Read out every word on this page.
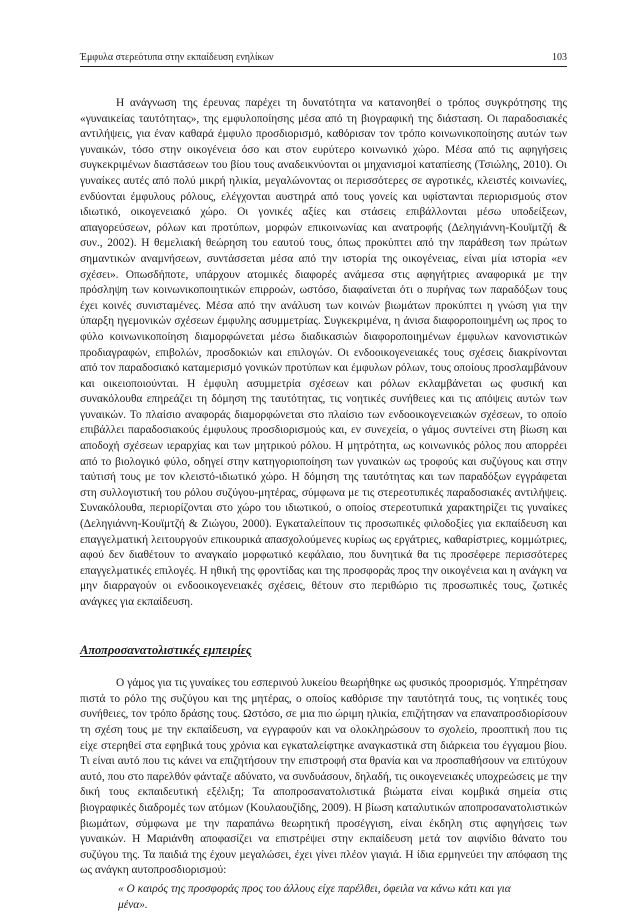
Έμφυλα στερεότυπα στην εκπαίδευση ενηλίκων	103

Η ανάγνωση της έρευνας παρέχει τη δυνατότητα να κατανοηθεί ο τρόπος συγκρότησης της «γυναικείας ταυτότητας», της εμφυλοποίησης μέσα από τη βιογραφική της διάσταση. Οι παραδοσιακές αντιλήψεις, για έναν καθαρά έμφυλο προσδιορισμό, καθόρισαν τον τρόπο κοινωνικοποίησης αυτών των γυναικών, τόσο στην οικογένεια όσο και στον ευρύτερο κοινωνικό χώρο. Μέσα από τις αφηγήσεις συγκεκριμένων διαστάσεων του βίου τους αναδεικνύονται οι μηχανισμοί καταπίεσης (Τσιώλης, 2010). Οι γυναίκες αυτές από πολύ μικρή ηλικία, μεγαλώνοντας οι περισσότερες σε αγροτικές, κλειστές κοινωνίες, ενδύονται έμφυλους ρόλους, ελέγχονται αυστηρά από τους γονείς και υφίστανται περιορισμούς στον ιδιωτικό, οικογενειακό χώρο. Οι γονικές αξίες και στάσεις επιβάλλονται μέσω υποδείξεων, απαγορεύσεων, ρόλων και προτύπων, μορφών επικοινωνίας και ανατροφής (Δεληγιάννη-Κουϊμτζή & συν., 2002). Η θεμελιακή θεώρηση του εαυτού τους, όπως προκύπτει από την παράθεση των πρώτων σημαντικών αναμνήσεων, συντάσσεται μέσα από την ιστορία της οικογένειας, είναι μία ιστορία «εν σχέσει». Οπωσδήποτε, υπάρχουν ατομικές διαφορές ανάμεσα στις αφηγήτριες αναφορικά με την πρόσληψη των κοινωνικοποιητικών επιρροών, ωστόσο, διαφαίνεται ότι ο πυρήνας των παραδόξων τους έχει κοινές συνισταμένες. Μέσα από την ανάλυση των κοινών βιωμάτων προκύπτει η γνώση για την ύπαρξη ηγεμονικών σχέσεων έμφυλης ασυμμετρίας. Συγκεκριμένα, η άνισα διαφοροποιημένη ως προς το φύλο κοινωνικοποίηση διαμορφώνεται μέσω διαδικασιών διαφοροποιημένων έμφυλων κανονιστικών προδιαγραφών, επιβολών, προσδοκιών και επιλογών. Οι ενδοοικογενειακές τους σχέσεις διακρίνονται από τον παραδοσιακό καταμερισμό γονικών προτύπων και έμφυλων ρόλων, τους οποίους προσλαμβάνουν και οικειοποιούνται. Η έμφυλη ασυμμετρία σχέσεων και ρόλων εκλαμβάνεται ως φυσική και συνακόλουθα επηρεάζει τη δόμηση της ταυτότητας, τις νοητικές συνήθειες και τις απόψεις αυτών των γυναικών. Το πλαίσιο αναφοράς διαμορφώνεται στο πλαίσιο των ενδοοικογενειακών σχέσεων, το οποίο επιβάλλει παραδοσιακούς έμφυλους προσδιορισμούς και, εν συνεχεία, ο γάμος συντείνει στη βίωση και αποδοχή σχέσεων ιεραρχίας και των μητρικού ρόλου. Η μητρότητα, ως κοινωνικός ρόλος που απορρέει από το βιολογικό φύλο, οδηγεί στην κατηγοριοποίηση των γυναικών ως τροφούς και συζύγους και στην ταύτισή τους με τον κλειστό-ιδιωτικό χώρο. Η δόμηση της ταυτότητας και των παραδόξων εγγράφεται στη συλλογιστική του ρόλου συζύγου-μητέρας, σύμφωνα με τις στερεοτυπικές παραδοσιακές αντιλήψεις. Συνακόλουθα, περιορίζονται στο χώρο του ιδιωτικού, ο οποίος στερεοτυπικά χαρακτηρίζει τις γυναίκες (Δεληγιάννη-Κουϊμτζή & Ζιώγου, 2000). Εγκαταλείπουν τις προσωπικές φιλοδοξίες για εκπαίδευση και επαγγελματική λειτουργούν επικουρικά απασχολούμενες κυρίως ως εργάτριες, καθαρίστριες, κομμώτριες, αφού δεν διαθέτουν το αναγκαίο μορφωτικό κεφάλαιο, που δυνητικά θα τις προσέφερε περισσότερες επαγγελματικές επιλογές. Η ηθική της φροντίδας και της προσφοράς προς την οικογένεια και η ανάγκη να μην διαρραγούν οι ενδοοικογενειακές σχέσεις, θέτουν στο περιθώριο τις προσωπικές τους, ζωτικές ανάγκες για εκπαίδευση.

Αποπροσανατολιστικές εμπειρίες

Ο γάμος για τις γυναίκες του εσπερινού λυκείου θεωρήθηκε ως φυσικός προορισμός. Υπηρέτησαν πιστά το ρόλο της συζύγου και της μητέρας, ο οποίος καθόρισε την ταυτότητά τους, τις νοητικές τους συνήθειες, τον τρόπο δράσης τους. Ωστόσο, σε μια πιο ώριμη ηλικία, επιζήτησαν να επαναπροσδιορίσουν τη σχέση τους με την εκπαίδευση, να εγγραφούν και να ολοκληρώσουν το σχολείο, προοπτική που τις είχε στερηθεί στα εφηβικά τους χρόνια και εγκαταλείφτηκε αναγκαστικά στη διάρκεια του έγγαμου βίου. Τι είναι αυτό που τις κάνει να επιζητήσουν την επιστροφή στα θρανία και να προσπαθήσουν να επιτύχουν αυτό, που στο παρελθόν φάνταζε αδύνατο, να συνδυάσουν, δηλαδή, τις οικογενειακές υποχρεώσεις με την δική τους εκπαιδευτική εξέλιξη; Τα αποπροσανατολιστικά βιώματα είναι κομβικά σημεία στις βιογραφικές διαδρομές των ατόμων (Κουλαουζίδης, 2009). Η βίωση καταλυτικών αποπροσανατολιστικών βιωμάτων, σύμφωνα με την παραπάνω θεωρητική προσέγγιση, είναι έκδηλη στις αφηγήσεις των γυναικών. Η Μαριάνθη αποφασίζει να επιστρέψει στην εκπαίδευση μετά τον αιφνίδιο θάνατο του συζύγου της. Τα παιδιά της έχουν μεγαλώσει, έχει γίνει πλέον γιαγιά. Η ίδια ερμηνεύει την απόφαση της ως ανάγκη αυτοπροσδιορισμού:

« Ο καιρός της προσφοράς προς του άλλους είχε παρέλθει, όφειλα να κάνω κάτι και για μένα».
